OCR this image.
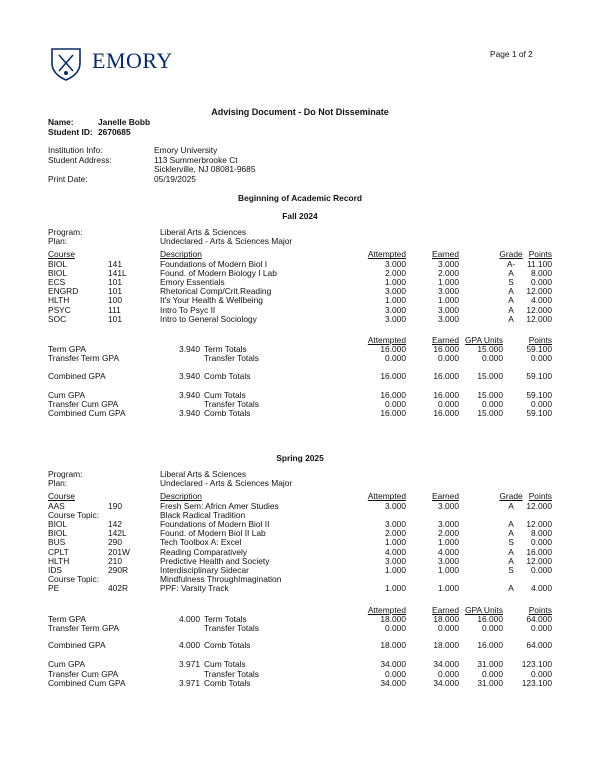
EMORY	Page 1 of 2
Advising Document - Do Not Disseminate
Name:	Janelle Bobb
Student ID: 2670685
Institution Info:	Emory University
Student Address:	113 Summerbrooke Ct
Sicklerville, NJ 08081-9685
Print Date:	05/19/2025
Beginning of Academic Record
Fall 2024
Program:	Liberal Arts & Sciences
Plan:	Undeclared - Arts & Sciences Major
Course	Description	Attempted	Earned	Grade Points
BIOL	141	Foundations of Modern Biol I	3.000	3.000	A-	11.100
BIOL	141L	Found. of Modern Biology I Lab	2.000	2.000	A	8.000
ECS	101	Emory Essentials	1.000	1.000	S	0.000
ENGRD	101	Rhetorical Comp/Crit.Reading	3.000	3.000	A	12.000
HLTH	100	It's Your Health & Wellbeing	1.000	1.000	A	4.000
PSYC	111	Intro To Psyc II	3.000	3.000	A	12.000
SOC	101	Intro to General Sociology	3.000	3.000	A	12.000
Attempted	Earned GPA Units	Points
Term GPA	3.940 Term Totals	16.000	16.000	15.000	59.100
Transfer Term GPA	Transfer Totals	0.000	0.000	0.000	0.000
Combined GPA	3.940 Comb Totals	16.000	16.000	15.000	59.100
Cum GPA	3.940 Cum Totals	16.000	16.000	15.000	59.100
Transfer Cum GPA	Transfer Totals	0.000	0.000	0.000	0.000
Combined Cum GPA	3.940 Comb Totals	16.000	16.000	15.000	59.100
Spring 2025
Program:	Liberal Arts & Sciences
Plan:	Undeclared - Arts & Sciences Major
Course	Description	Attempted	Earned	Grade Points
AAS	190	Fresh Sem: Africn Amer Studies	3.000	3.000	A	12.000
Course Topic:	Black Radical Tradition
BIOL	142	Foundations of Modern Biol II	3.000	3.000	A	12.000
BIOL	142L	Found. of Modern Biol II Lab	2.000	2.000	A	8.000
BUS	290	Tech Toolbox A: Excel	1.000	1.000	S	0.000
CPLT	201W	Reading Comparatively	4.000	4.000	A	16.000
HLTH	210	Predictive Health and Society	3.000	3.000	A	12.000
IDS	290R	Interdisciplinary Sidecar	1.000	1.000	S	0.000
Course Topic:	Mindfulness ThroughImagination
PE	402R	PPF: Varsity Track	1.000	1.000	A	4.000
Attempted	Earned GPA Units	Points
Term GPA	4.000 Term Totals	18.000	18.000	16.000	64.000
Transfer Term GPA	Transfer Totals	0.000	0.000	0.000	0.000
Combined GPA	4.000 Comb Totals	18.000	18.000	16.000	64.000
Cum GPA	3.971 Cum Totals	34.000	34.000	31.000	123.100
Transfer Cum GPA	Transfer Totals	0.000	0.000	0.000	0.000
Combined Cum GPA	3.971 Comb Totals	34.000	34.000	31.000	123.100
